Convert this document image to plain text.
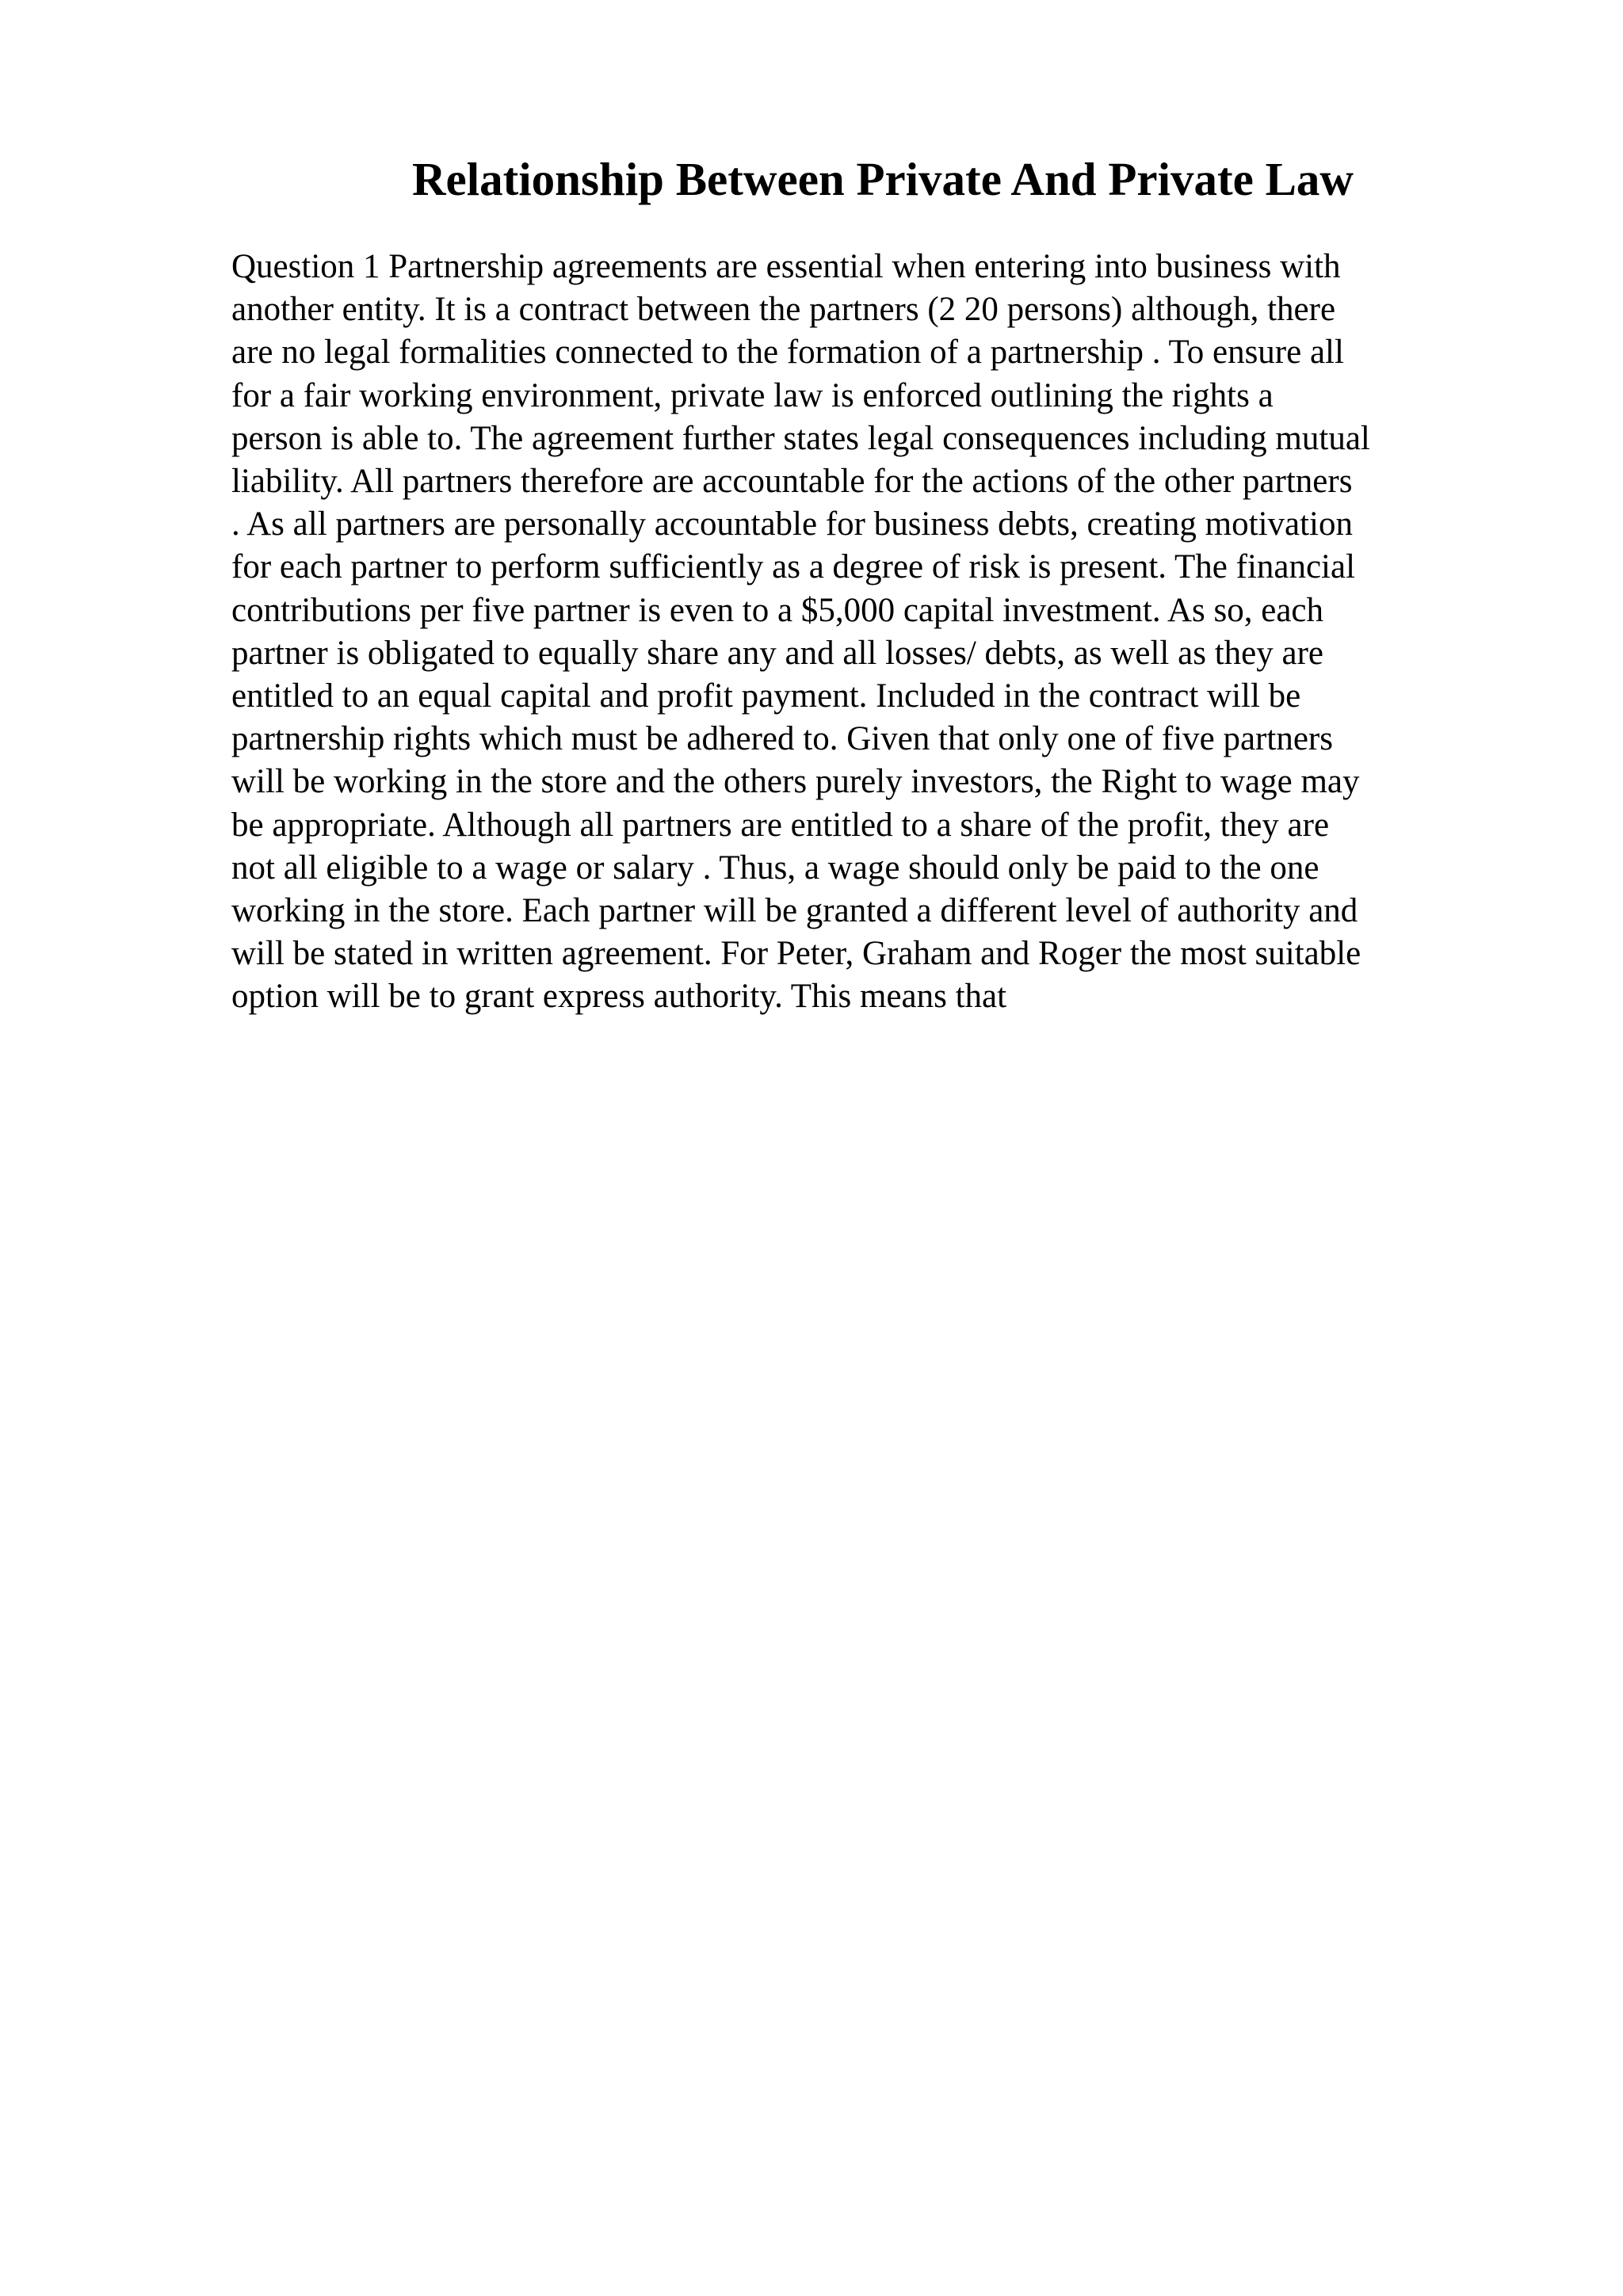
Relationship Between Private And Private Law

Question 1 Partnership agreements are essential when entering into business with
another entity. It is a contract between the partners (2 20 persons) although, there
are no legal formalities connected to the formation of a partnership . To ensure all
for a fair working environment, private law is enforced outlining the rights a
person is able to. The agreement further states legal consequences including mutual
liability. All partners therefore are accountable for the actions of the other partners
. As all partners are personally accountable for business debts, creating motivation
for each partner to perform sufficiently as a degree of risk is present. The financial
contributions per five partner is even to a $5,000 capital investment. As so, each
partner is obligated to equally share any and all losses/ debts, as well as they are
entitled to an equal capital and profit payment. Included in the contract will be
partnership rights which must be adhered to. Given that only one of five partners
will be working in the store and the others purely investors, the Right to wage may
be appropriate. Although all partners are entitled to a share of the profit, they are
not all eligible to a wage or salary . Thus, a wage should only be paid to the one
working in the store. Each partner will be granted a different level of authority and
will be stated in written agreement. For Peter, Graham and Roger the most suitable
option will be to grant express authority. This means that
